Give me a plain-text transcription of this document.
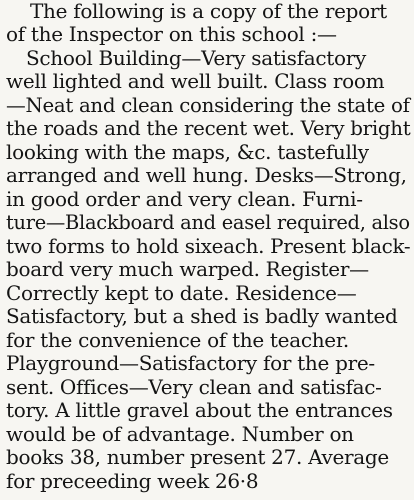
The following is a copy of the report
of the Inspector on this school :—
School Building—Very satisfactory
well lighted and well built. Class room
—Neat and clean considering the state of
the roads and the recent wet. Very bright
looking with the maps, &c. tastefully
arranged and well hung. Desks—Strong,
in good order and very clean. Furni-
ture—Blackboard and easel required, also
two forms to hold sixeach. Present black-
board very much warped. Register—
Correctly kept to date. Residence—
Satisfactory, but a shed is badly wanted
for the convenience of the teacher.
Playground—Satisfactory for the pre-
sent. Offices—Very clean and satisfac-
tory. A little gravel about the entrances
would be of advantage. Number on
books 38, number present 27. Average
for preceeding week 26·8
